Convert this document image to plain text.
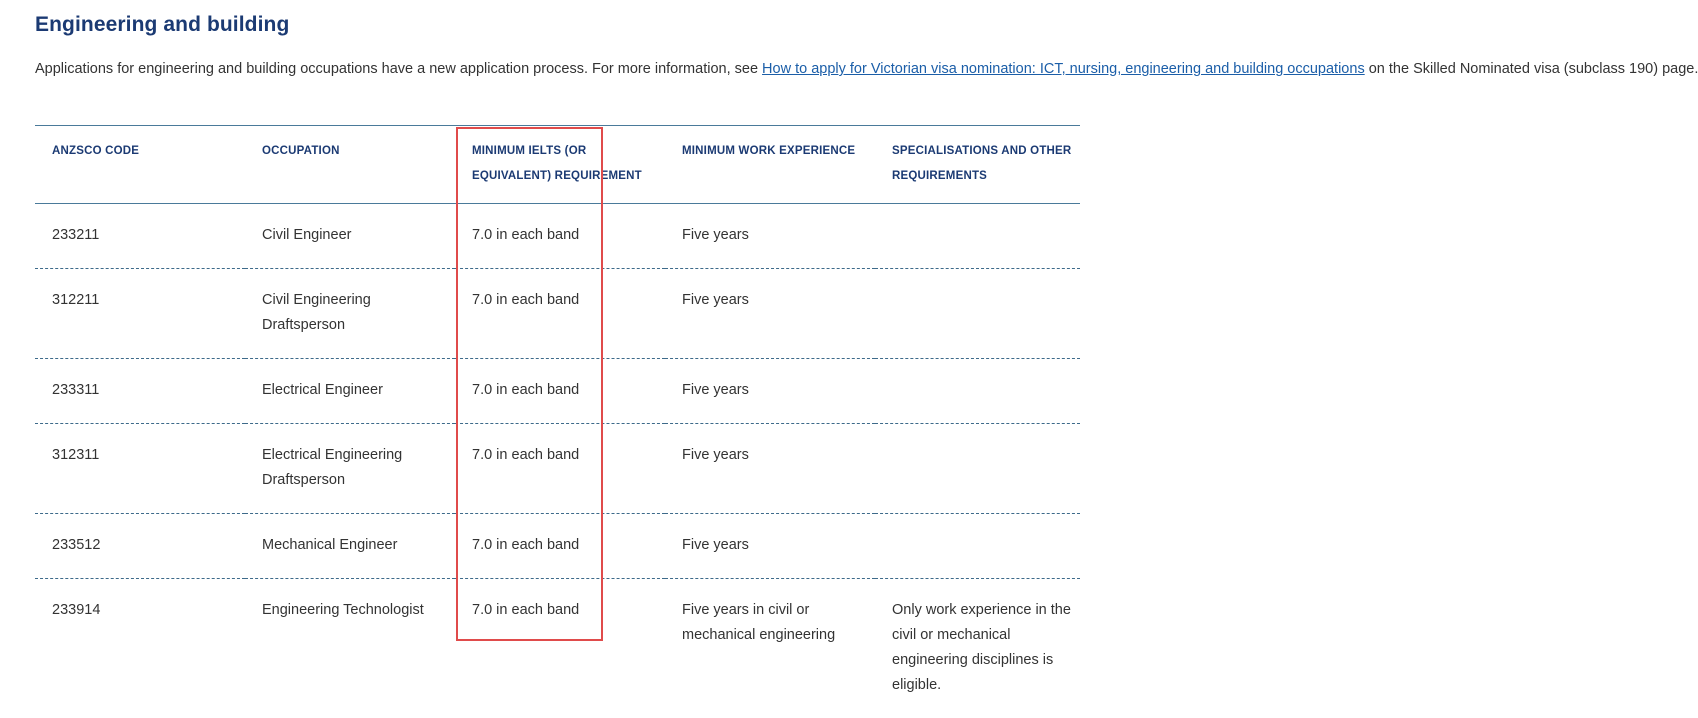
Engineering and building

Applications for engineering and building occupations have a new application process. For more information, see How to apply for Victorian visa nomination: ICT, nursing, engineering and building occupations on the Skilled Nominated visa (subclass 190) page.

ANZSCO CODE	OCCUPATION	MINIMUM IELTS (OR EQUIVALENT) REQUIREMENT	MINIMUM WORK EXPERIENCE	SPECIALISATIONS AND OTHER REQUIREMENTS
233211	Civil Engineer	7.0 in each band	Five years	
312211	Civil Engineering Draftsperson	7.0 in each band	Five years	
233311	Electrical Engineer	7.0 in each band	Five years	
312311	Electrical Engineering Draftsperson	7.0 in each band	Five years	
233512	Mechanical Engineer	7.0 in each band	Five years	
233914	Engineering Technologist	7.0 in each band	Five years in civil or mechanical engineering	Only work experience in the civil or mechanical engineering disciplines is eligible.
